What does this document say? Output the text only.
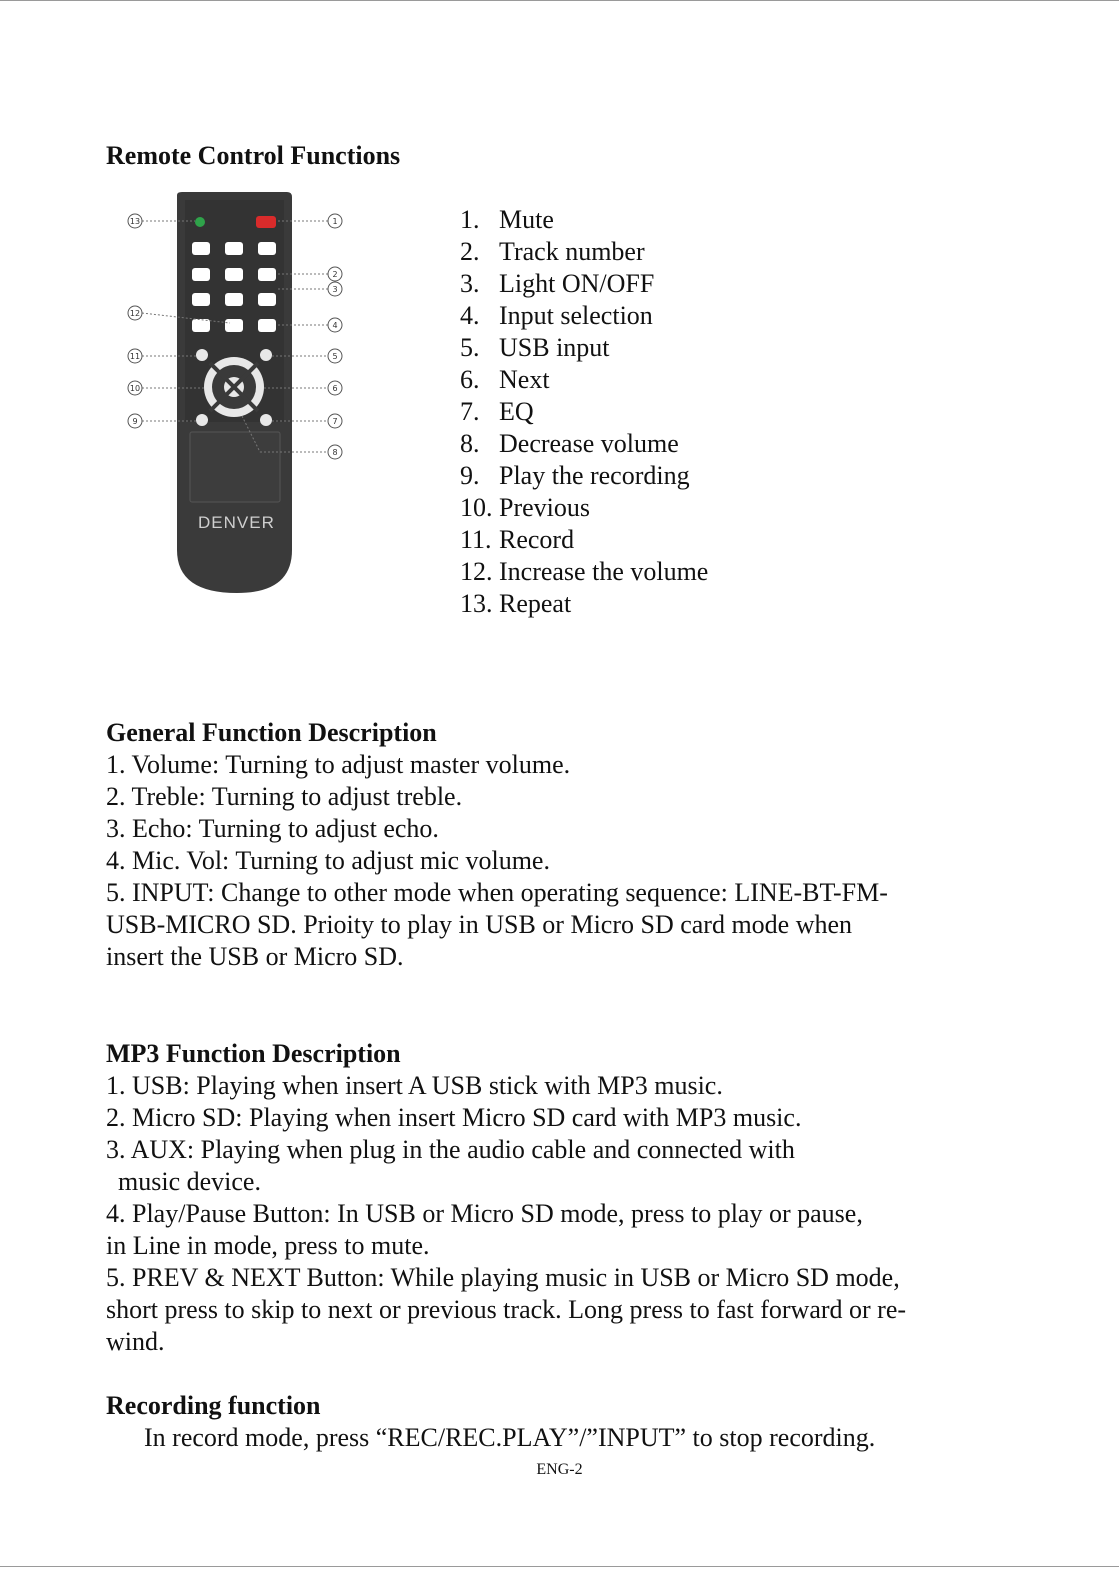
Remote Control Functions
DENVER
13	1
2
3
12
4
11	5
10	6
9	7
8
1. Mute
2. Track number
3. Light ON/OFF
4. Input selection
5. USB input
6. Next
7. EQ
8. Decrease volume
9. Play the recording
10. Previous
11. Record
12. Increase the volume
13. Repeat
General Function Description

1. Volume: Turning to adjust master volume.

2. Treble: Turning to adjust treble.

3. Echo: Turning to adjust echo.

4. Mic. Vol: Turning to adjust mic volume.

5. INPUT: Change to other mode when operating sequence: LINE-BT-FM-

USB-MICRO SD. Prioity to play in USB or Micro SD card mode when

insert the USB or Micro SD.

MP3 Function Description

1. USB: Playing when insert A USB stick with MP3 music.

2. Micro SD: Playing when insert Micro SD card with MP3 music.

3. AUX: Playing when plug in the audio cable and connected with

music device.

4. Play/Pause Button: In USB or Micro SD mode, press to play or pause,

in Line in mode, press to mute.

5. PREV & NEXT Button: While playing music in USB or Micro SD mode,

short press to skip to next or previous track. Long press to fast forward or re-

wind.

Recording function

In record mode, press “REC/REC.PLAY”/”INPUT” to stop recording.

ENG-2
